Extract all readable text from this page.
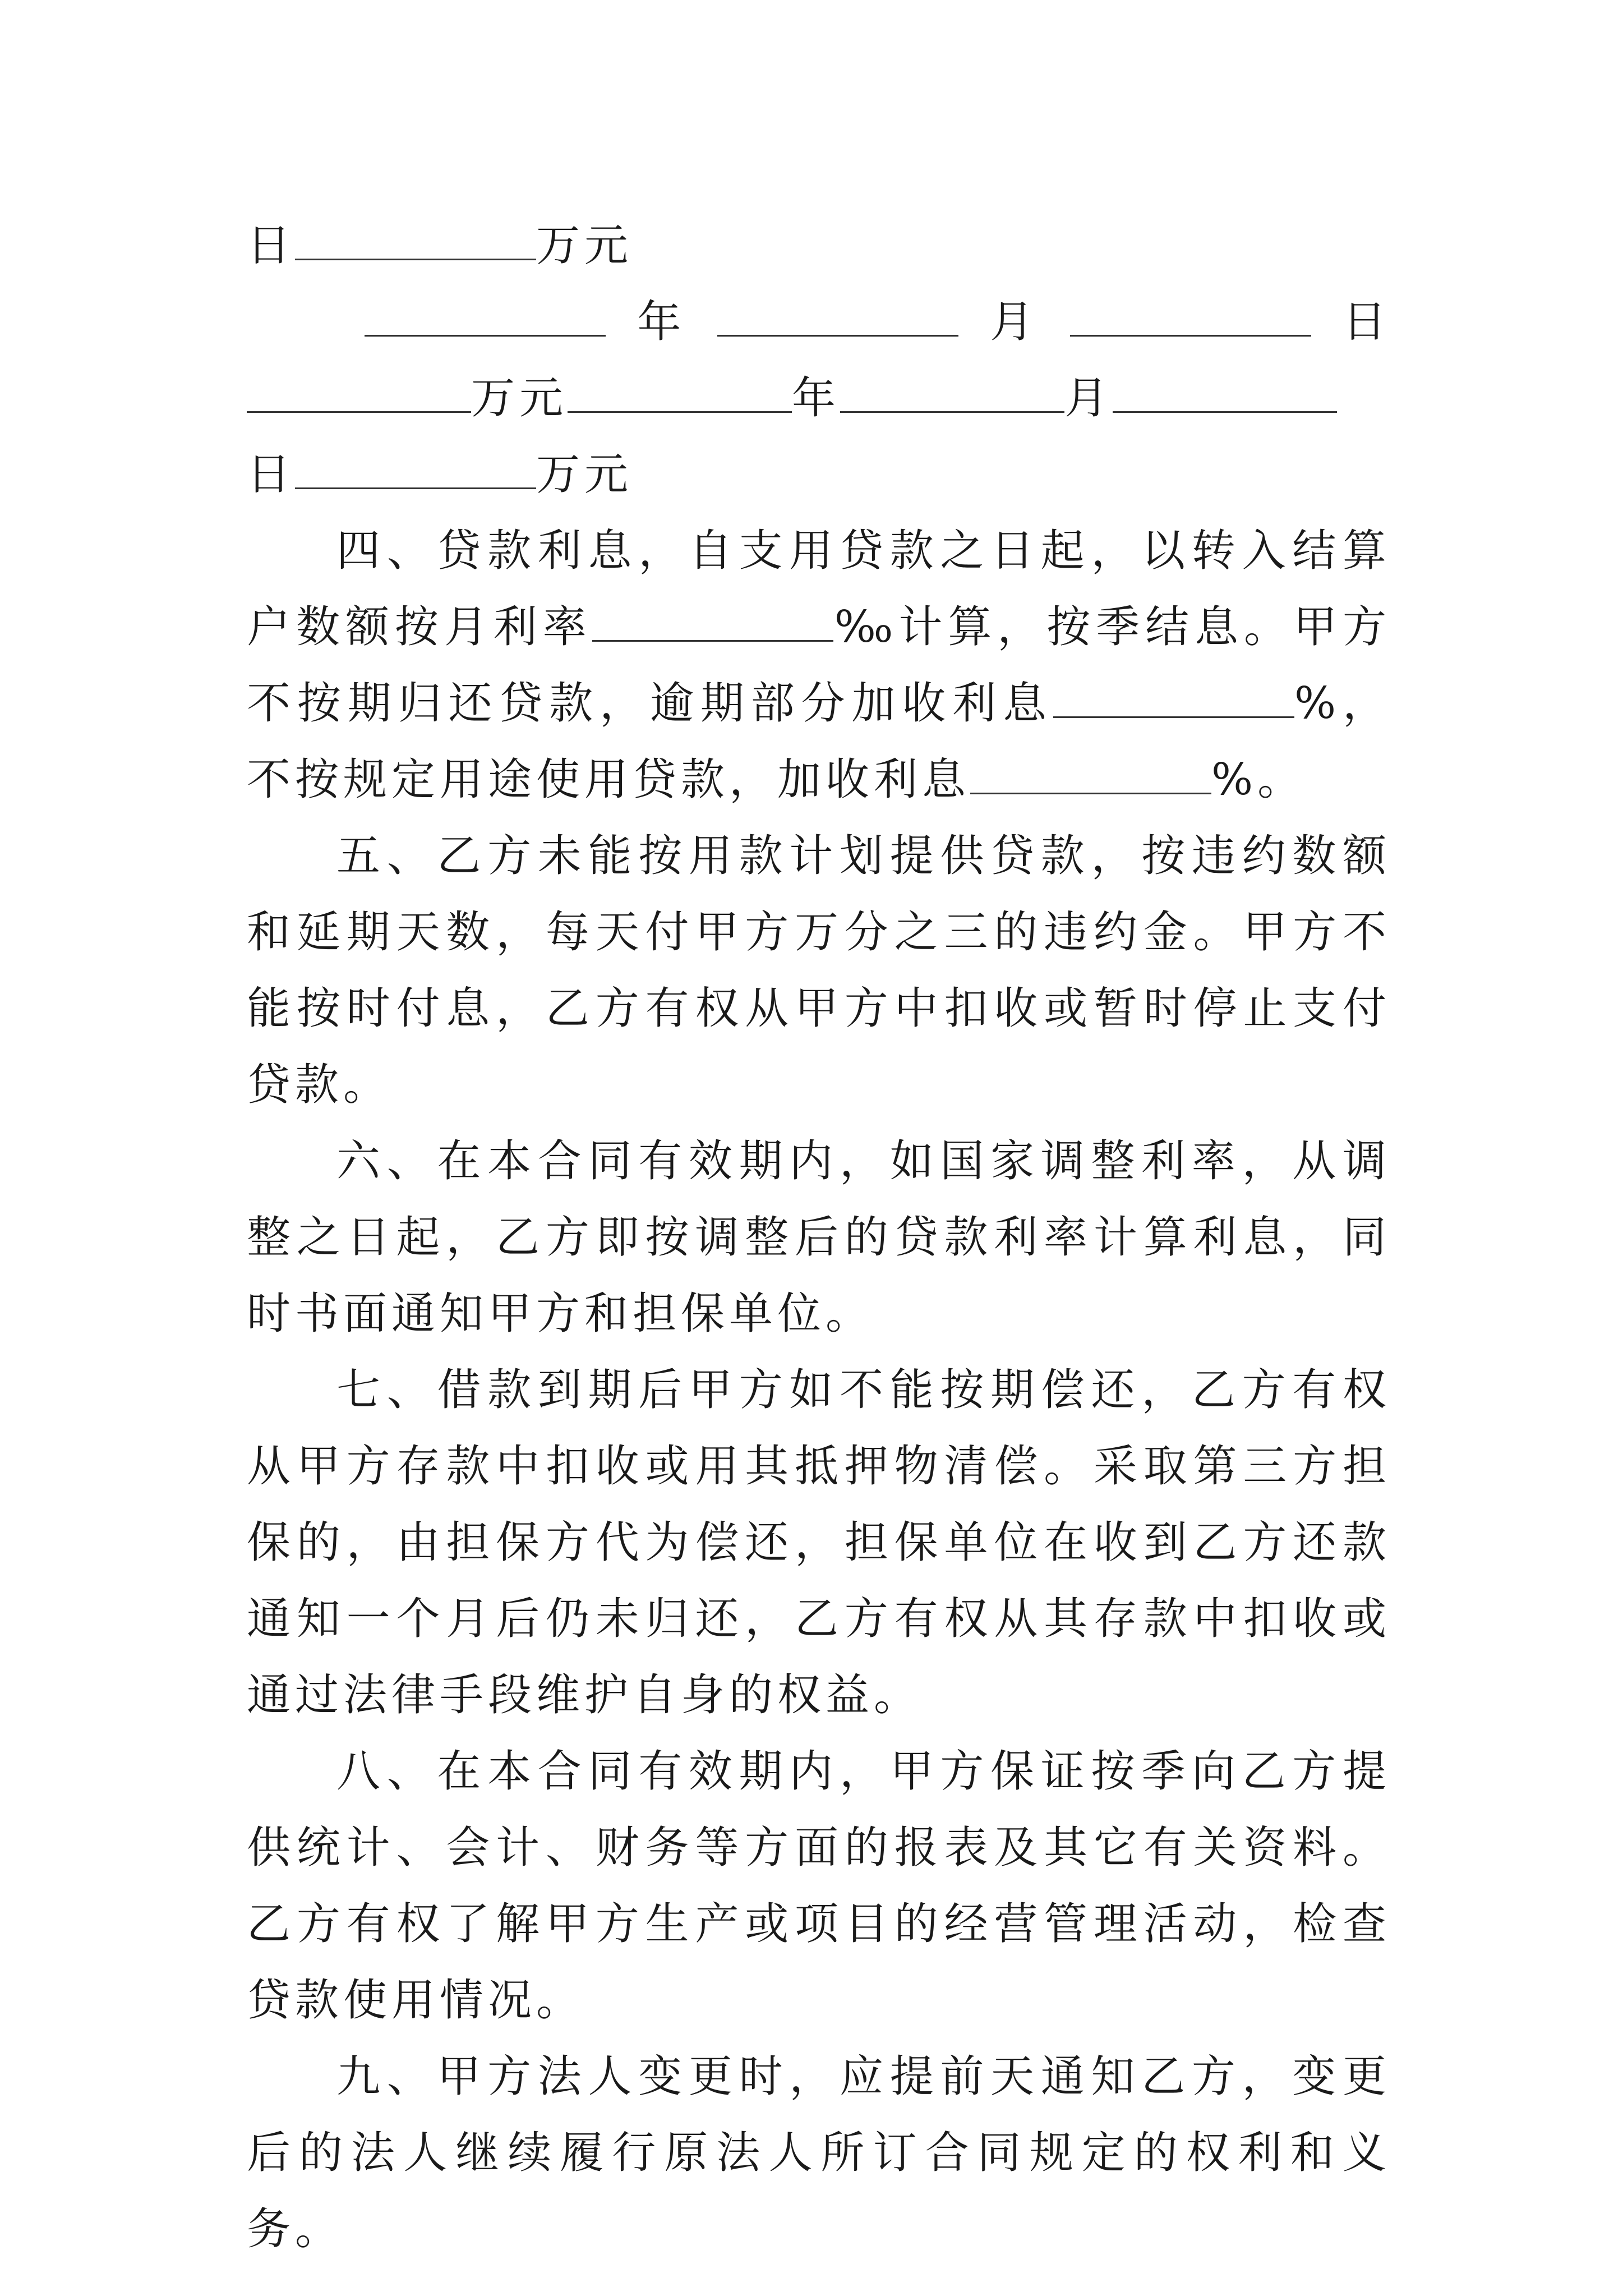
日	万元
年	月	日
万元	年	月
日	万元

四、贷款利息，自支用贷款之日起，以转入结算户数额按月利率	‰计算，按季结息。甲方不按期归还贷款，逾期部分加收利息	%，不按规定用途使用贷款，加收利息	%。

五、乙方未能按用款计划提供贷款，按违约数额和延期天数，每天付甲方万分之三的违约金。甲方不能按时付息，乙方有权从甲方中扣收或暂时停止支付贷款。

六、在本合同有效期内，如国家调整利率，从调整之日起，乙方即按调整后的贷款利率计算利息，同时书面通知甲方和担保单位。

七、借款到期后甲方如不能按期偿还，乙方有权从甲方存款中扣收或用其抵押物清偿。采取第三方担保的，由担保方代为偿还，担保单位在收到乙方还款通知一个月后仍未归还，乙方有权从其存款中扣收或通过法律手段维护自身的权益。

八、在本合同有效期内，甲方保证按季向乙方提供统计、会计、财务等方面的报表及其它有关资料。乙方有权了解甲方生产或项目的经营管理活动，检查贷款使用情况。

九、甲方法人变更时，应提前天通知乙方，变更后的法人继续履行原法人所订合同规定的权利和义务。
